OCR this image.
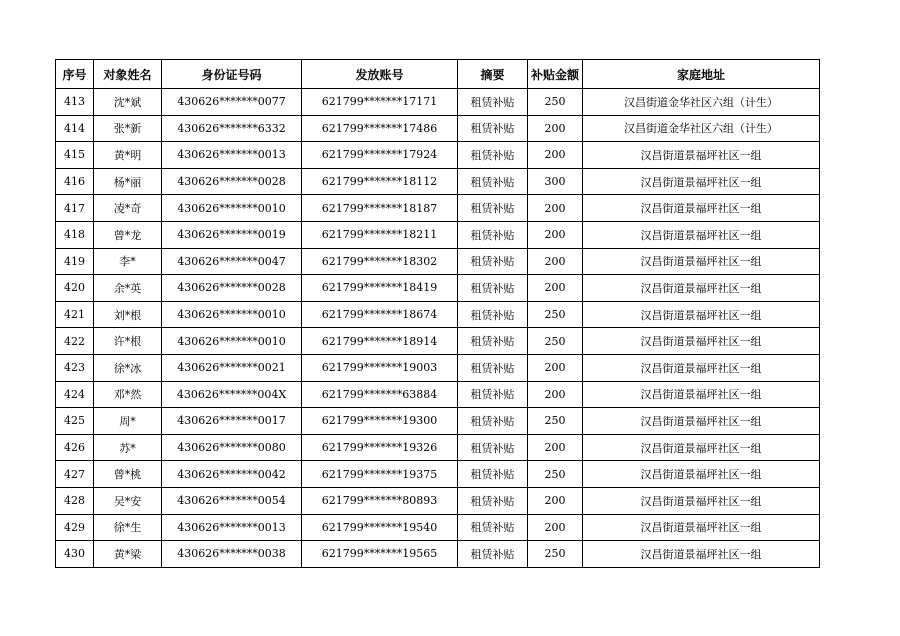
序号	对象姓名	身份证号码	发放账号	摘要	补贴金额	家庭地址
413	沈*斌	430626*******0077	621799*******17171	租赁补贴	250	汉昌街道金华社区六组（计生）
414	张*新	430626*******6332	621799*******17486	租赁补贴	200	汉昌街道金华社区六组（计生）
415	黄*明	430626*******0013	621799*******17924	租赁补贴	200	汉昌街道景福坪社区一组
416	杨*丽	430626*******0028	621799*******18112	租赁补贴	300	汉昌街道景福坪社区一组
417	凌*奇	430626*******0010	621799*******18187	租赁补贴	200	汉昌街道景福坪社区一组
418	曾*龙	430626*******0019	621799*******18211	租赁补贴	200	汉昌街道景福坪社区一组
419	李*	430626*******0047	621799*******18302	租赁补贴	200	汉昌街道景福坪社区一组
420	余*英	430626*******0028	621799*******18419	租赁补贴	200	汉昌街道景福坪社区一组
421	刘*根	430626*******0010	621799*******18674	租赁补贴	250	汉昌街道景福坪社区一组
422	许*根	430626*******0010	621799*******18914	租赁补贴	250	汉昌街道景福坪社区一组
423	徐*冰	430626*******0021	621799*******19003	租赁补贴	200	汉昌街道景福坪社区一组
424	邓*然	430626*******004X	621799*******63884	租赁补贴	200	汉昌街道景福坪社区一组
425	周*	430626*******0017	621799*******19300	租赁补贴	250	汉昌街道景福坪社区一组
426	苏*	430626*******0080	621799*******19326	租赁补贴	200	汉昌街道景福坪社区一组
427	曾*桃	430626*******0042	621799*******19375	租赁补贴	250	汉昌街道景福坪社区一组
428	吴*安	430626*******0054	621799*******80893	租赁补贴	200	汉昌街道景福坪社区一组
429	徐*生	430626*******0013	621799*******19540	租赁补贴	200	汉昌街道景福坪社区一组
430	黄*梁	430626*******0038	621799*******19565	租赁补贴	250	汉昌街道景福坪社区一组
